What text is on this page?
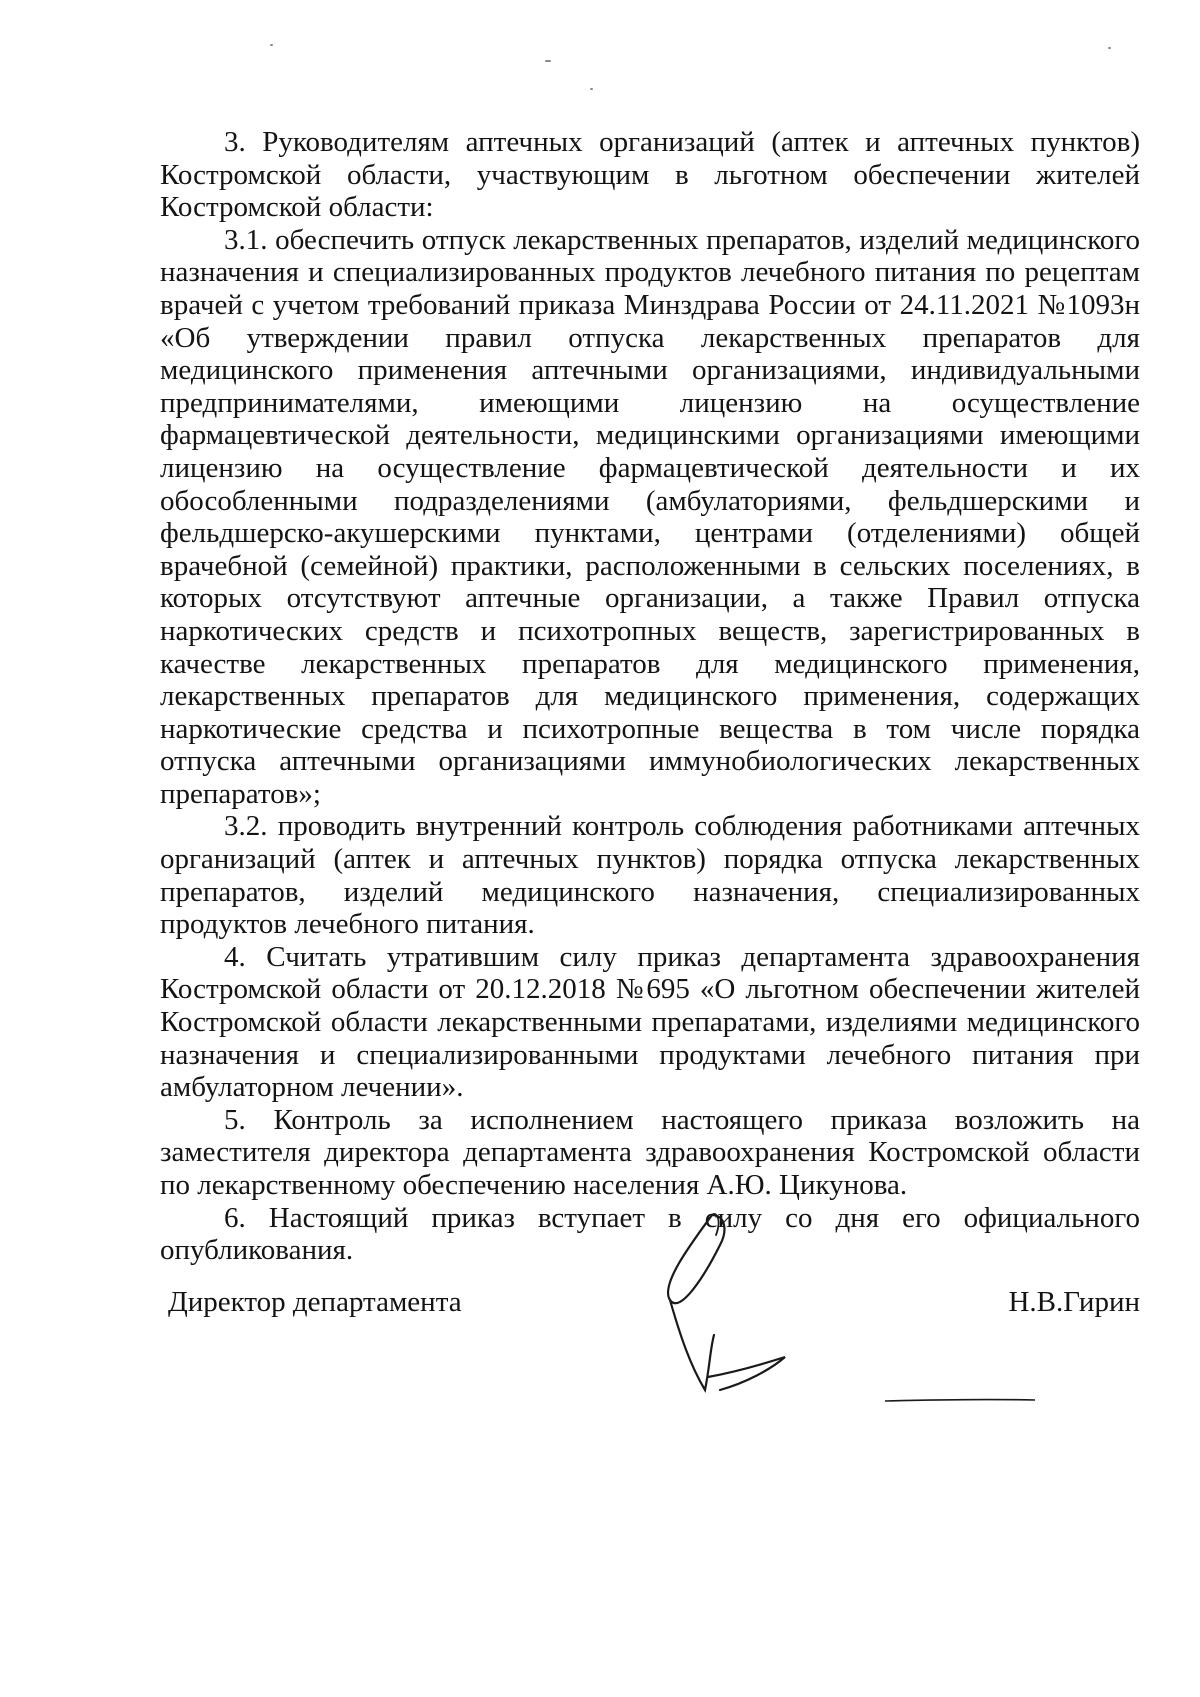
3. Руководителям аптечных организаций (аптек и аптечных пунктов) Костромской области, участвующим в льготном обеспечении жителей Костромской области:

3.1. обеспечить отпуск лекарственных препаратов, изделий медицинского назначения и специализированных продуктов лечебного питания по рецептам врачей с учетом требований приказа Минздрава России от 24.11.2021 №1093н «Об утверждении правил отпуска лекарственных препаратов для медицинского применения аптечными организациями, индивидуальными предпринимателями, имеющими лицензию на осуществление фармацевтической деятельности, медицинскими организациями имеющими лицензию на осуществление фармацевтической деятельности и их обособленными подразделениями (амбулаториями, фельдшерскими и фельдшерско-акушерскими пунктами, центрами (отделениями) общей врачебной (семейной) практики, расположенными в сельских поселениях, в которых отсутствуют аптечные организации, а также Правил отпуска наркотических средств и психотропных веществ, зарегистрированных в качестве лекарственных препаратов для медицинского применения, лекарственных препаратов для медицинского применения, содержащих наркотические средства и психотропные вещества в том числе порядка отпуска аптечными организациями иммунобиологических лекарственных препаратов»;

3.2. проводить внутренний контроль соблюдения работниками аптечных организаций (аптек и аптечных пунктов) порядка отпуска лекарственных препаратов, изделий медицинского назначения, специализированных продуктов лечебного питания.

4. Считать утратившим силу приказ департамента здравоохранения Костромской области от 20.12.2018 №695 «О льготном обеспечении жителей Костромской области лекарственными препаратами, изделиями медицинского назначения и специализированными продуктами лечебного питания при амбулаторном лечении».

5. Контроль за исполнением настоящего приказа возложить на заместителя директора департамента здравоохранения Костромской области по лекарственному обеспечению населения А.Ю. Цикунова.

6. Настоящий приказ вступает в силу со дня его официального опубликования.

Директор департамента	Н.В.Гирин
